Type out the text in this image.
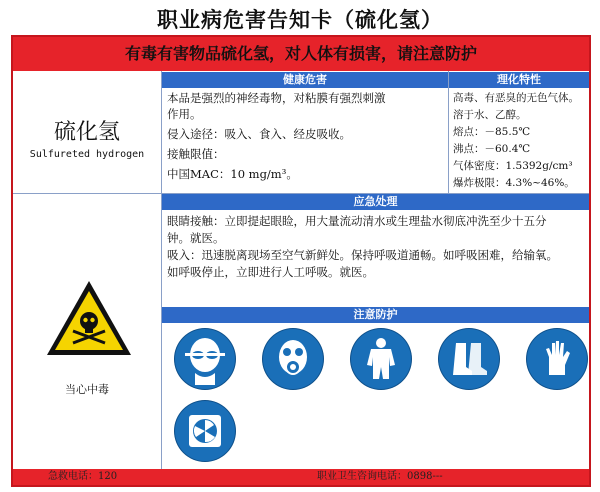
职业病危害告知卡（硫化氢）
有毒有害物品硫化氢，对人体有损害，请注意防护
硫化氢
Sulfureted hydrogen
健康危害
本品是强烈的神经毒物，对粘膜有强烈刺激
作用。
侵入途径：吸入、食入、经皮吸收。
接触限值：
中国MAC：10 mg/m³。
理化特性
高毒、有恶臭的无色气体。
溶于水、乙醇。
熔点：－85.5℃
沸点：－60.4℃
气体密度：1.5392g/cm³
爆炸极限：4.3%~46%。
应急处理
眼睛接触：立即提起眼睑，用大量流动清水或生理盐水彻底冲洗至少十五分
钟。就医。
吸入：迅速脱离现场至空气新鲜处。保持呼吸道通畅。如呼吸困难，给输氧。
如呼吸停止，立即进行人工呼吸。就医。
注意防护
当心中毒
急救电话：120	职业卫生咨询电话：0898---
